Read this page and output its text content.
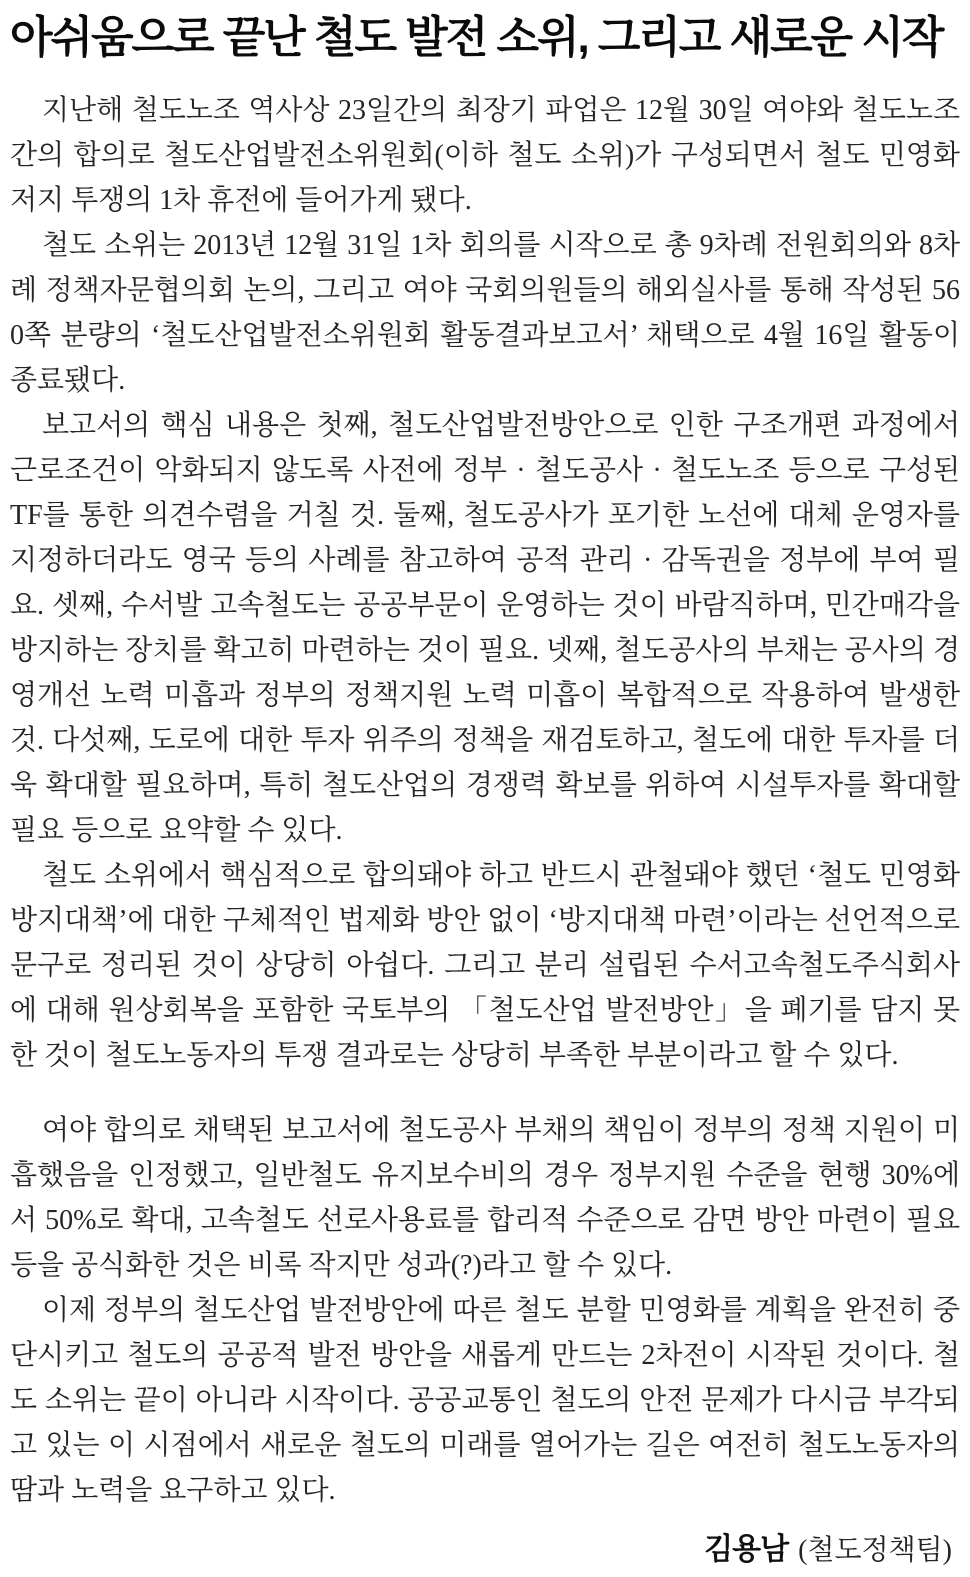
아쉬움으로 끝난 철도 발전 소위, 그리고 새로운 시작

지난해 철도노조 역사상 23일간의 최장기 파업은 12월 30일 여야와 철도노조간의 합의로 철도산업발전소위원회(이하 철도 소위)가 구성되면서 철도 민영화 저지 투쟁의 1차 휴전에 들어가게 됐다.

철도 소위는 2013년 12월 31일 1차 회의를 시작으로 총 9차례 전원회의와 8차례 정책자문협의회 논의, 그리고 여야 국회의원들의 해외실사를 통해 작성된 560쪽 분량의 ‘철도산업발전소위원회 활동결과보고서’ 채택으로 4월 16일 활동이 종료됐다.

보고서의 핵심 내용은 첫째, 철도산업발전방안으로 인한 구조개편 과정에서 근로조건이 악화되지 않도록 사전에 정부 · 철도공사 · 철도노조 등으로 구성된 TF를 통한 의견수렴을 거칠 것. 둘째, 철도공사가 포기한 노선에 대체 운영자를 지정하더라도 영국 등의 사례를 참고하여 공적 관리 · 감독권을 정부에 부여 필요. 셋째, 수서발 고속철도는 공공부문이 운영하는 것이 바람직하며, 민간매각을 방지하는 장치를 확고히 마련하는 것이 필요. 넷째, 철도공사의 부채는 공사의 경영개선 노력 미흡과 정부의 정책지원 노력 미흡이 복합적으로 작용하여 발생한 것. 다섯째, 도로에 대한 투자 위주의 정책을 재검토하고, 철도에 대한 투자를 더욱 확대할 필요하며, 특히 철도산업의 경쟁력 확보를 위하여 시설투자를 확대할 필요 등으로 요약할 수 있다.

철도 소위에서 핵심적으로 합의돼야 하고 반드시 관철돼야 했던 ‘철도 민영화 방지대책’에 대한 구체적인 법제화 방안 없이 ‘방지대책 마련’이라는 선언적으로 문구로 정리된 것이 상당히 아쉽다. 그리고 분리 설립된 수서고속철도주식회사에 대해 원상회복을 포함한 국토부의 「철도산업 발전방안」을 폐기를 담지 못한 것이 철도노동자의 투쟁 결과로는 상당히 부족한 부분이라고 할 수 있다.

여야 합의로 채택된 보고서에 철도공사 부채의 책임이 정부의 정책 지원이 미흡했음을 인정했고, 일반철도 유지보수비의 경우 정부지원 수준을 현행 30%에서 50%로 확대, 고속철도 선로사용료를 합리적 수준으로 감면 방안 마련이 필요 등을 공식화한 것은 비록 작지만 성과(?)라고 할 수 있다.

이제 정부의 철도산업 발전방안에 따른 철도 분할 민영화를 계획을 완전히 중단시키고 철도의 공공적 발전 방안을 새롭게 만드는 2차전이 시작된 것이다. 철도 소위는 끝이 아니라 시작이다. 공공교통인 철도의 안전 문제가 다시금 부각되고 있는 이 시점에서 새로운 철도의 미래를 열어가는 길은 여전히 철도노동자의 땀과 노력을 요구하고 있다.

김용남 (철도정책팀)
